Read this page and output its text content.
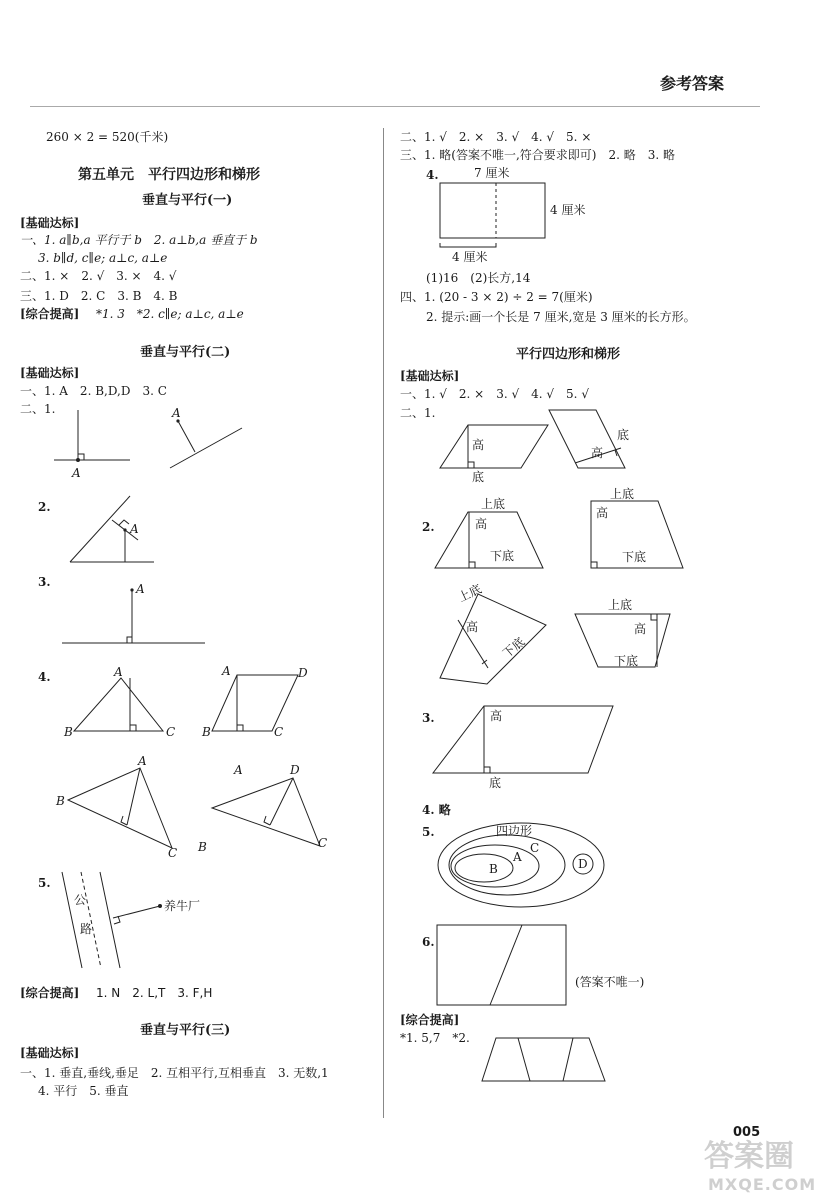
参考答案
260 × 2 = 520(千米)
第五单元　平行四边形和梯形
垂直与平行(一)
[基础达标]
一、1. a∥b,a 平行于 b　2. a⊥b,a 垂直于 b
3. b∥d, c∥e; a⊥c, a⊥e
二、1. ×　2. √　3. ×　4. √
三、1. D　2. C　3. B　4. B
[综合提高] *1. 3　*2. c∥e; a⊥c, a⊥e
垂直与平行(二)
[基础达标]
一、1. A　2. B,D,D　3. C
二、1.
2.
3.
4.
5.
A
A
A
A
A
B	C
A	D
B	C
A
B
C
A	D
B	C
公
路
养牛厂
[综合提高] 1. N　2. L,T　3. F,H
垂直与平行(三)
[基础达标]
一、1. 垂直,垂线,垂足　2. 互相平行,互相垂直　3. 无数,1
4. 平行　5. 垂直
二、1. √　2. ×　3. √　4. √　5. ×
三、1. 略(答案不唯一,符合要求即可)　2. 略　3. 略
4.	7 厘米
4 厘米
4 厘米
(1)16　(2)长方,14
四、1. (20 - 3 × 2) ÷ 2 = 7(厘米)
2. 提示:画一个长是 7 厘米,宽是 3 厘米的长方形。
平行四边形和梯形
[基础达标]
一、1. √　2. ×　3. √　4. √　5. √
二、1.
2.
3.
4. 略
5.
6.
高
底
底
高
上底
高
下底
上底
高
下底
上底
高
下底
上底
高
下底
高
底
四边形
C
A
B	D
(答案不唯一)
[综合提高]
*1. 5,7　*2.
005
答案圈
MXQE.COM
